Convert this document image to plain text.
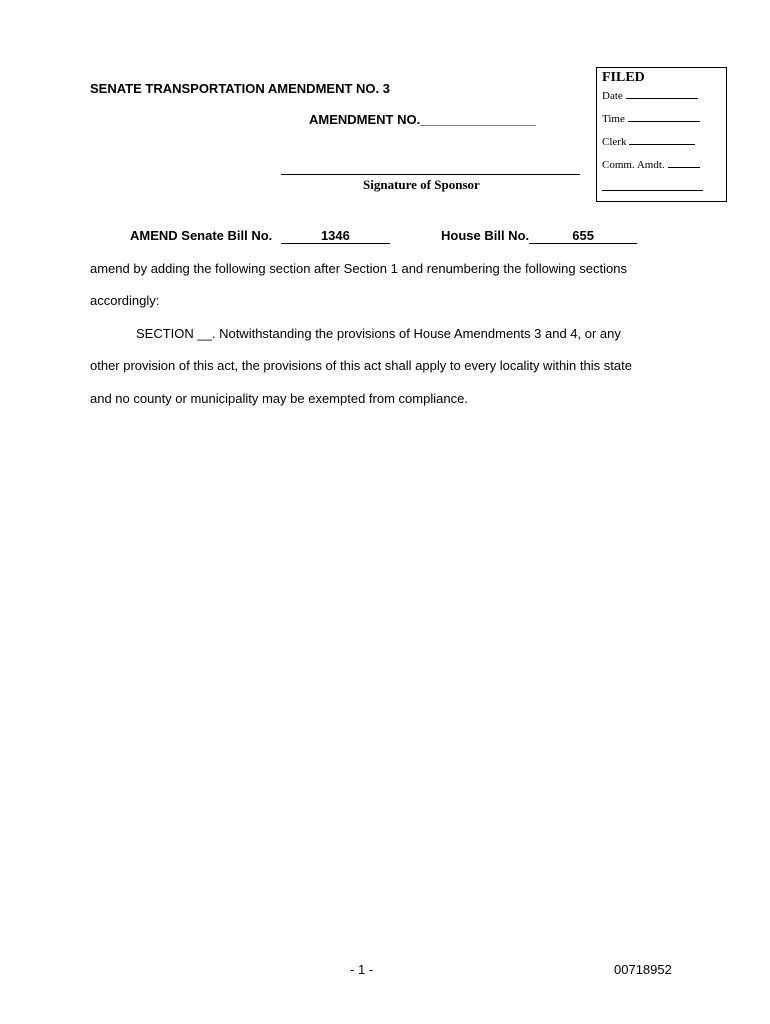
FILED
Date
Time
Clerk
Comm. Amdt.
SENATE TRANSPORTATION AMENDMENT NO. 3
AMENDMENT NO.________________
Signature of Sponsor
AMEND Senate Bill No.	1346	House Bill No.	655
amend by adding the following section after Section 1 and renumbering the following sections
accordingly:
SECTION __. Notwithstanding the provisions of House Amendments 3 and 4, or any
other provision of this act, the provisions of this act shall apply to every locality within this state
and no county or municipality may be exempted from compliance.
- 1 -	00718952
